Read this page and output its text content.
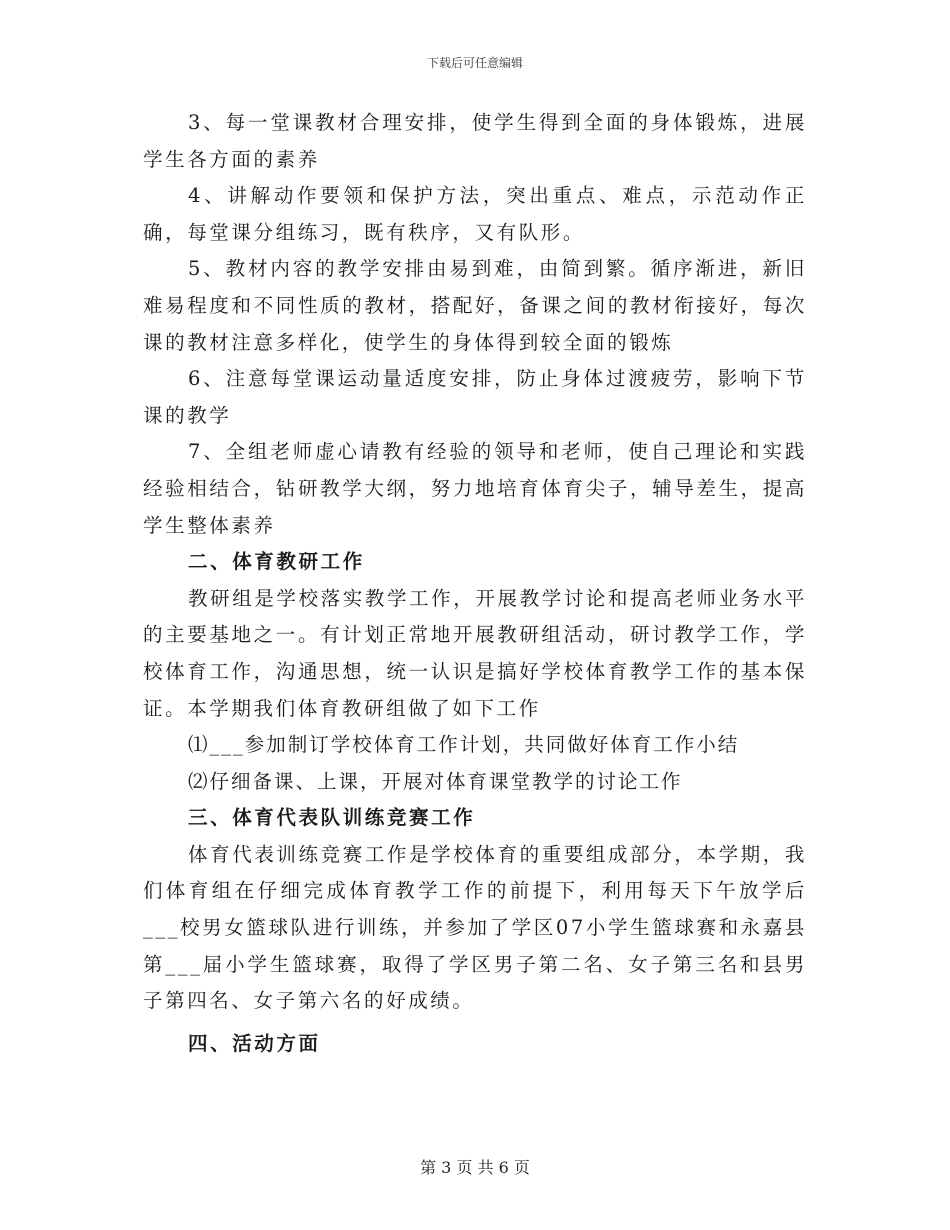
下载后可任意编辑

3、每一堂课教材合理安排，使学生得到全面的身体锻炼，进展学生各方面的素养

4、讲解动作要领和保护方法，突出重点、难点，示范动作正确，每堂课分组练习，既有秩序，又有队形。

5、教材内容的教学安排由易到难，由简到繁。循序渐进，新旧难易程度和不同性质的教材，搭配好，备课之间的教材衔接好，每次课的教材注意多样化，使学生的身体得到较全面的锻炼

6、注意每堂课运动量适度安排，防止身体过渡疲劳，影响下节课的教学

7、全组老师虚心请教有经验的领导和老师，使自己理论和实践经验相结合，钻研教学大纲，努力地培育体育尖子，辅导差生，提高学生整体素养

二、体育教研工作

教研组是学校落实教学工作，开展教学讨论和提高老师业务水平的主要基地之一。有计划正常地开展教研组活动，研讨教学工作，学校体育工作，沟通思想，统一认识是搞好学校体育教学工作的基本保证。本学期我们体育教研组做了如下工作

⑴___参加制订学校体育工作计划，共同做好体育工作小结

⑵仔细备课、上课，开展对体育课堂教学的讨论工作

三、体育代表队训练竞赛工作

体育代表训练竞赛工作是学校体育的重要组成部分，本学期，我们体育组在仔细完成体育教学工作的前提下，利用每天下午放学后___校男女篮球队进行训练，并参加了学区07小学生篮球赛和永嘉县第___届小学生篮球赛，取得了学区男子第二名、女子第三名和县男子第四名、女子第六名的好成绩。

四、活动方面

第 3 页 共 6 页
